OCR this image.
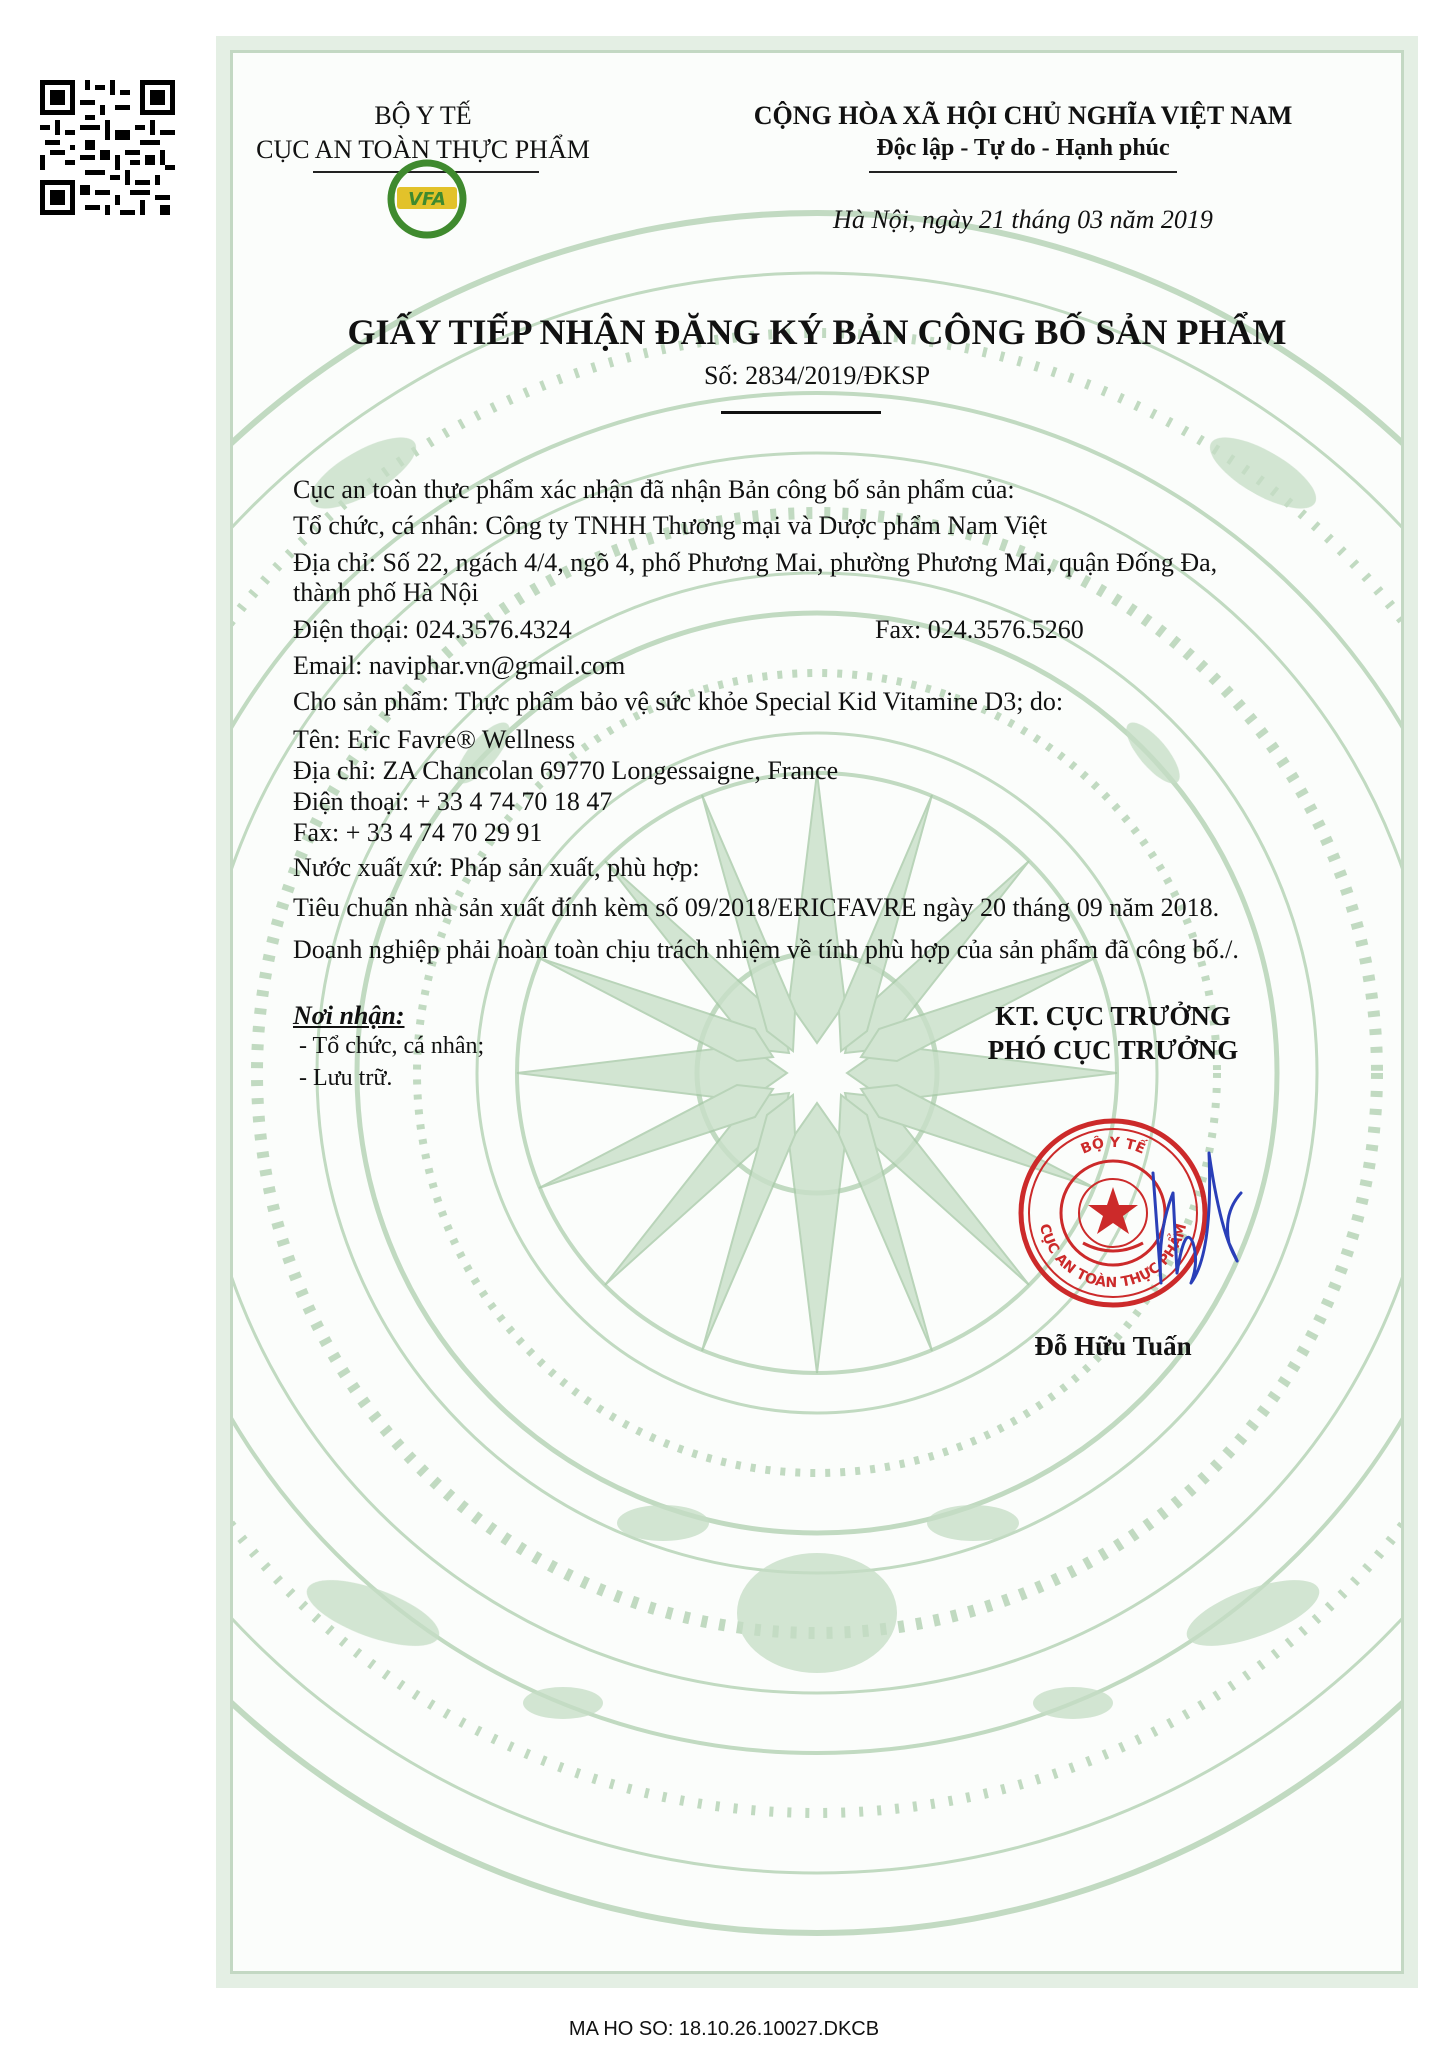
BỘ Y TẾ
CỤC AN TOÀN THỰC PHẨM
VFA
CỘNG HÒA XÃ HỘI CHỦ NGHĨA VIỆT NAM
Độc lập - Tự do - Hạnh phúc
Hà Nội, ngày 21 tháng 03 năm 2019
GIẤY TIẾP NHẬN ĐĂNG KÝ BẢN CÔNG BỐ SẢN PHẨM
Số: 2834/2019/ĐKSP
Cục an toàn thực phẩm xác nhận đã nhận Bản công bố sản phẩm của:
Tổ chức, cá nhân: Công ty TNHH Thương mại và Dược phẩm Nam Việt
Địa chỉ: Số 22, ngách 4/4, ngõ 4, phố Phương Mai, phường Phương Mai, quận Đống Đa,
thành phố Hà Nội
Điện thoại: 024.3576.4324	Fax: 024.3576.5260
Email: naviphar.vn@gmail.com
Cho sản phẩm: Thực phẩm bảo vệ sức khỏe Special Kid Vitamine D3; do:
Tên: Eric Favre® Wellness
Địa chỉ: ZA Chancolan 69770 Longessaigne, France
Điện thoại: + 33 4 74 70 18 47
Fax: + 33 4 74 70 29 91
Nước xuất xứ: Pháp sản xuất, phù hợp:
Tiêu chuẩn nhà sản xuất đính kèm số 09/2018/ERICFAVRE ngày 20 tháng 09 năm 2018.
Doanh nghiệp phải hoàn toàn chịu trách nhiệm về tính phù hợp của sản phẩm đã công bố./.
Nơi nhận:
- Tổ chức, cá nhân;
- Lưu trữ.
KT. CỤC TRƯỞNG
PHÓ CỤC TRƯỞNG
BỘ Y TẾ
CỤC AN TOÀN THỰC PHẨM
Đỗ Hữu Tuấn
MA HO SO: 18.10.26.10027.DKCB
